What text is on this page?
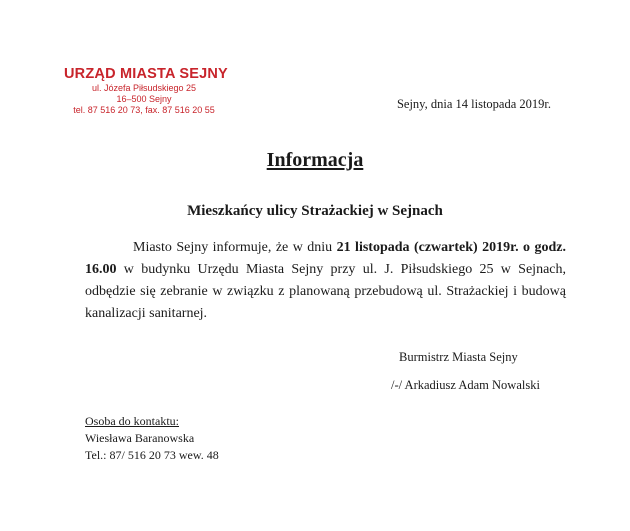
URZĄD MIASTA SEJNY
ul. Józefa Piłsudskiego 25
16–500 Sejny
tel. 87 516 20 73, fax. 87 516 20 55	Sejny, dnia 14 listopada 2019r.
Informacja
Mieszkańcy ulicy Strażackiej w Sejnach
Miasto Sejny informuje, że w dniu 21 listopada (czwartek) 2019r. o godz. 16.00 w budynku Urzędu Miasta Sejny przy ul. J. Piłsudskiego 25 w Sejnach, odbędzie się zebranie w związku z planowaną przebudową ul. Strażackiej i budową kanalizacji sanitarnej.
Burmistrz Miasta Sejny
/-/ Arkadiusz Adam Nowalski
Osoba do kontaktu:
Wiesława Baranowska
Tel.: 87/ 516 20 73 wew. 48
